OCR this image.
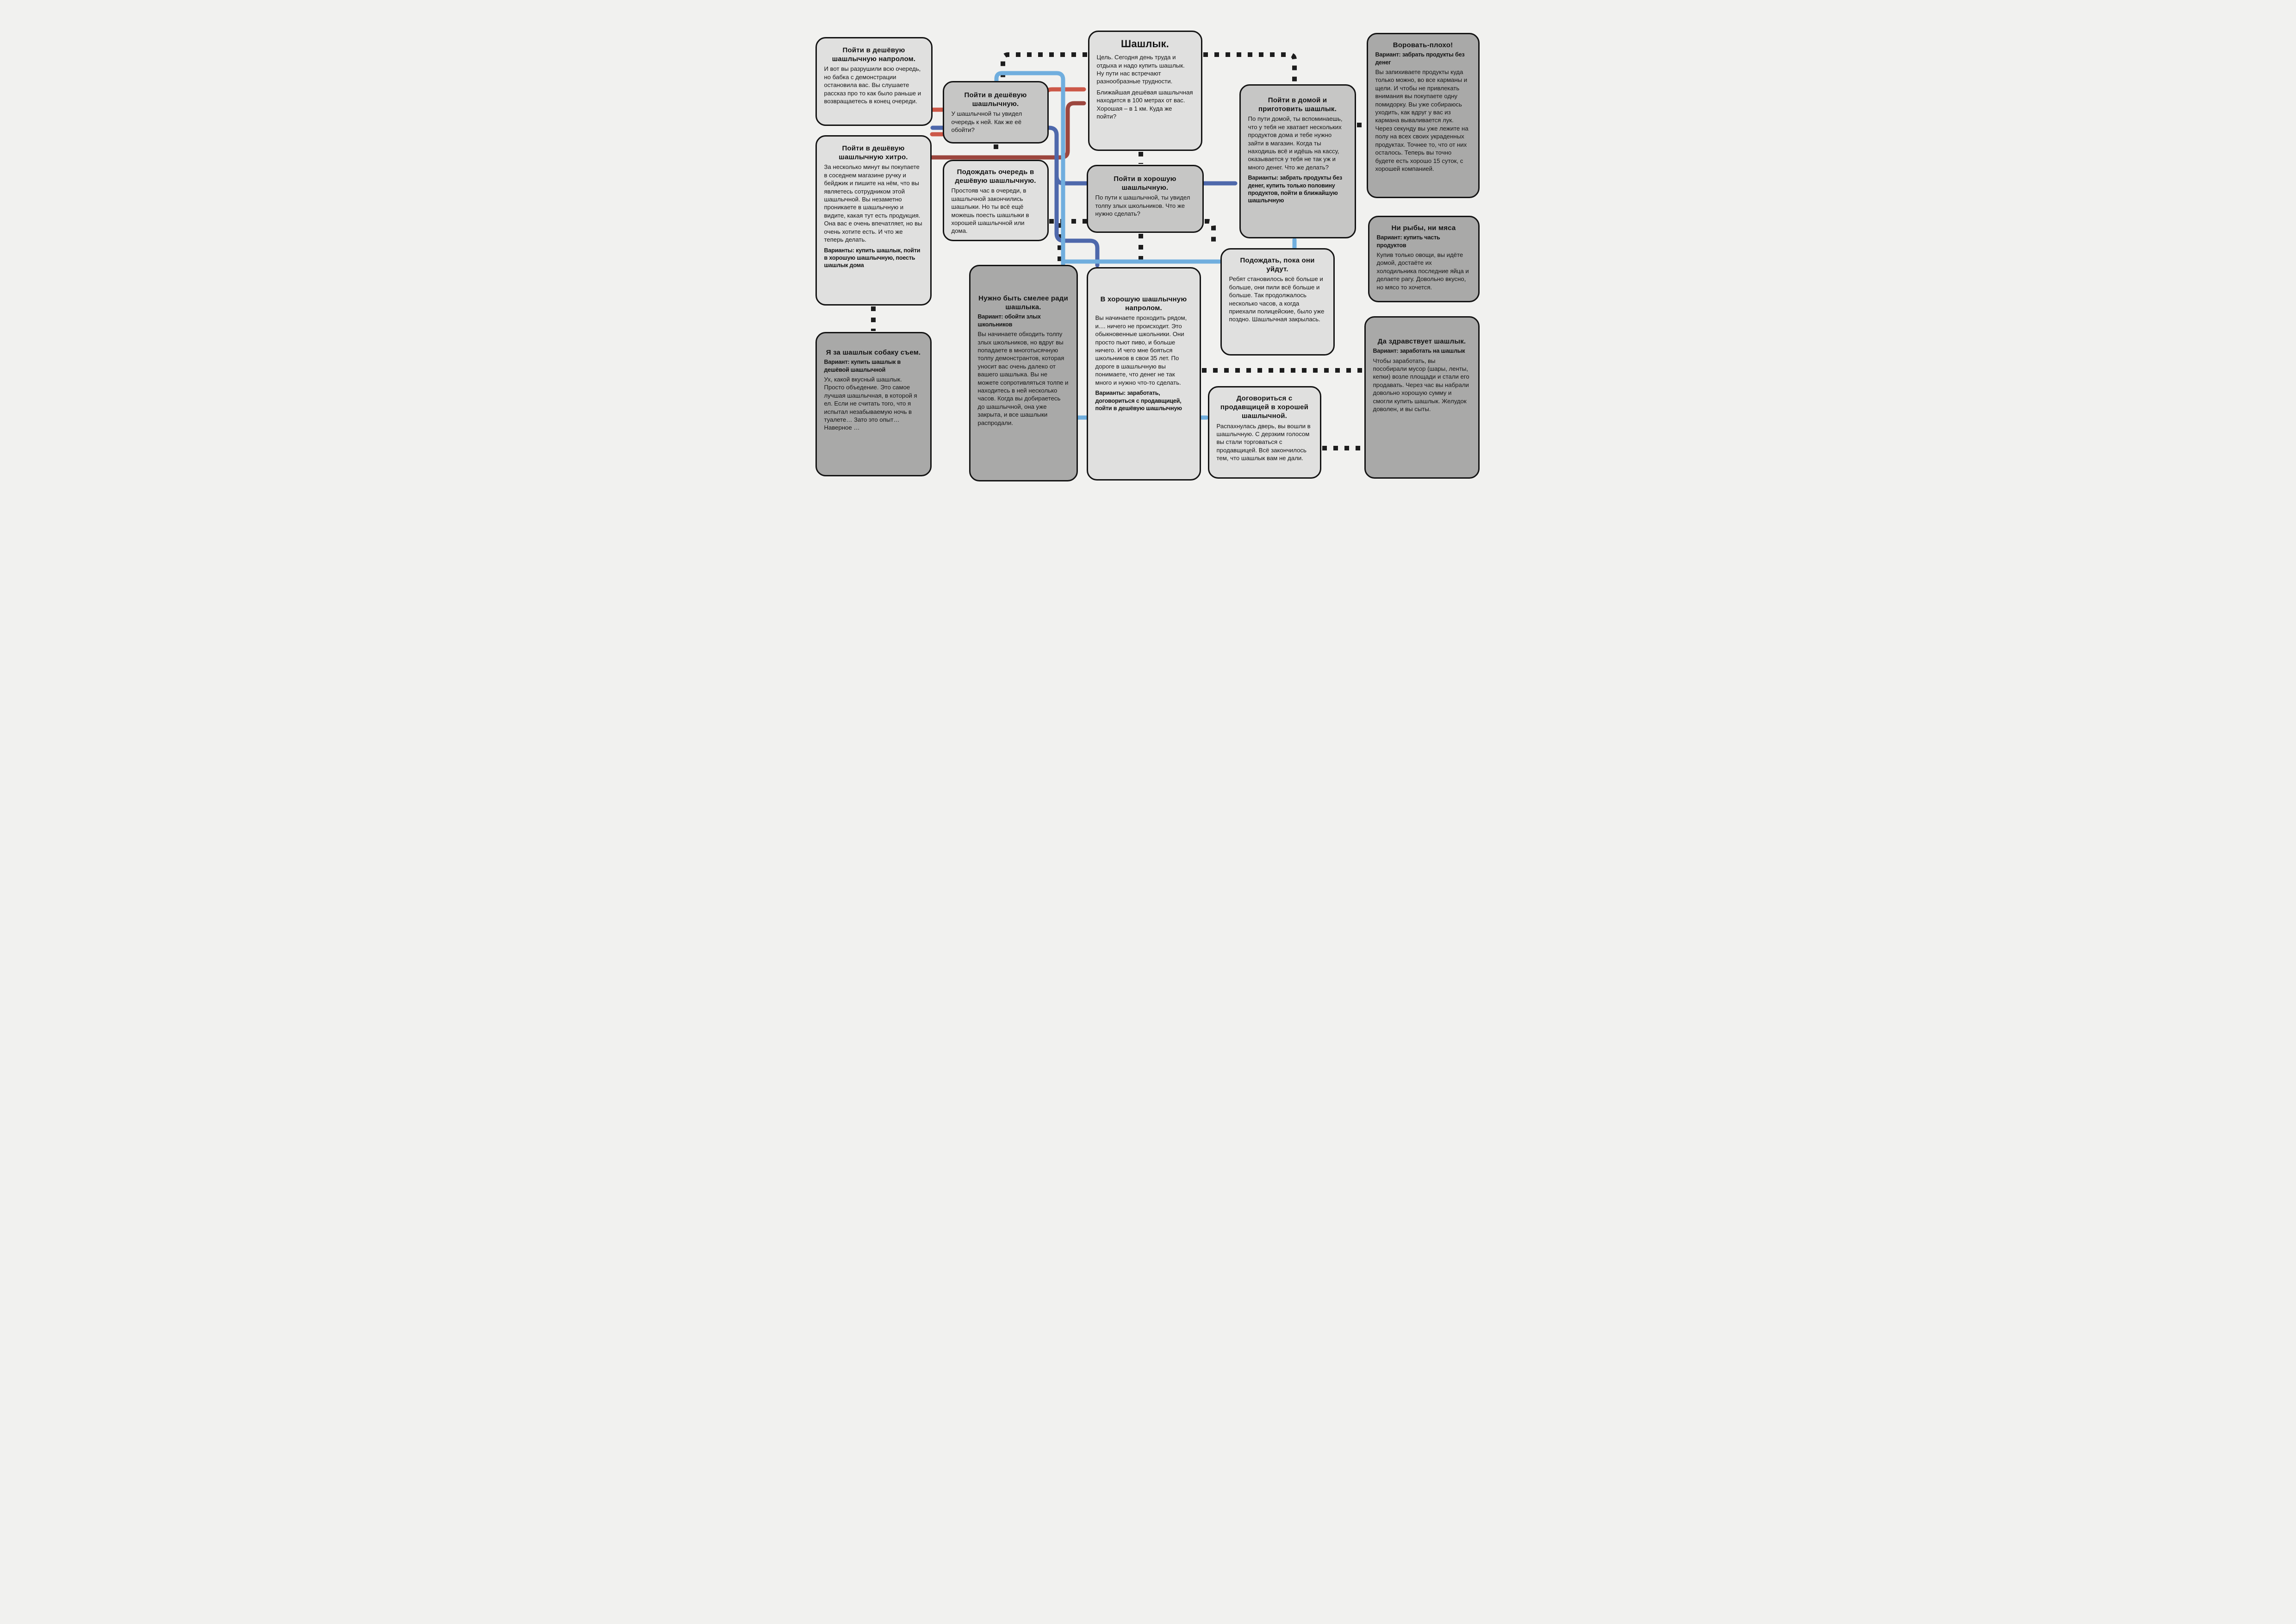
Пойти в дешёвую шашлычную напролом.
И вот вы разрушили всю очередь, но бабка с демонстрации остановила вас. Вы слушаете рассказ про то как было раньше и возвращаетесь в конец очереди.
Пойти в дешёвую шашлычную хитро.
За несколько минут вы покупаете в соседнем магазине ручку и бейджик и пишите на нём, что вы являетесь сотрудником этой шашлычной. Вы незаметно проникаете в шашлычную и видите, какая тут есть продукция. Она вас е очень впечатляет, но вы очень хотите есть. И что же теперь делать.
Варианты: купить шашлык, пойти в хорошую шашлычную, поесть шашлык дома
Я за шашлык собаку съем.
Вариант: купить шашлык в дешёвой шашлычной
Ух, какой вкусный шашлык. Просто объедение. Это самое лучшая шашлычная, в которой я ел. Если не считать того, что я испытал незабываемую ночь в туалете… Зато это опыт… Наверное …
Пойти в дешёвую шашлычную.
У шашлычной ты увидел очередь к ней. Как же её обойти?
Подождать очередь в дешёвую шашлычную.
Простояв час в очереди, в шашлычной закончились шашлыки. Но ты всё ещё можешь поесть шашлыки в хорошей шашлычной или дома.
Шашлык.
Цель. Сегодня день труда и отдыха и надо купить шашлык. Ну пути нас встречают разнообразные трудности.
Ближайшая дешёвая шашлычная находится в 100 метрах от вас. Хорошая – в 1 км. Куда же пойти?
Пойти в хорошую шашлычную.
По пути к шашлычной, ты увидел толпу злых школьников. Что же нужно сделать?
Нужно быть смелее ради шашлыка.
Вариант: обойти злых школьников
Вы начинаете обходить толпу злых школьников, но вдруг вы попадаете в многотысячную толпу демонстрантов, которая уносит вас очень далеко от вашего шашлыка. Вы не можете сопротивляться толпе и находитесь в ней несколько часов. Когда вы добираетесь до шашлычной, она уже закрыта, и все шашлыки распродали.
В хорошую шашлычную напролом.
Вы начинаете проходить рядом, и.... ничего не происходит. Это обыкновенные школьники. Они просто пьют пиво, и больше ничего. И чего мне бояться школьников в свои 35 лет. По дороге в шашлычную вы понимаете, что денег не так много и нужно что-то сделать.
Варианты: заработать, договориться с продавщицей, пойти в дешёвую шашлычную
Пойти в домой и приготовить шашлык.
По пути домой, ты вспоминаешь, что у тебя не хватает нескольких продуктов дома и тебе нужно зайти в магазин. Когда ты находишь всё и идёшь на кассу, оказывается у тебя не так уж и много денег. Что же делать?
Варианты: забрать продукты без денег, купить только половину продуктов, пойти в ближайшую шашлычную
Подождать, пока они уйдут.
Ребят становилось всё больше и больше, они пили всё больше и больше. Так продолжалось несколько часов, а когда приехали полицейские, было уже поздно. Шашлычная закрылась.
Договориться с продавщицей в хорошей шашлычной.
Распахнулась дверь, вы вошли в шашлычную. С дерзким голосом вы стали торговаться с продавщицей. Всё закончилось тем, что шашлык вам не дали.
Воровать-плохо!
Вариант: забрать продукты без денег
Вы запихиваете продукты куда только можно, во все карманы и щели. И чтобы не привлекать внимания вы покупаете одну помидорку. Вы уже собираюсь уходить, как вдруг у вас из кармана вываливается лук. Через секунду вы уже лежите на полу на всех своих украденных продуктах. Точнее то, что от них осталось. Теперь вы точно будете есть хорошо 15 суток, с хорошей компанией.
Ни рыбы, ни мяса
Вариант: купить часть продуктов
Купив только овощи, вы идёте домой, достаёте их холодильника последние яйца и делаете рагу. Довольно вкусно, но мясо то хочется.
Да здравствует шашлык.
Вариант: заработать на шашлык
Чтобы заработать, вы пособирали мусор (шары, ленты, кепки) возле площади и стали его продавать. Через час вы набрали довольно хорошую сумму и смогли купить шашлык. Желудок доволен, и вы сыты.
